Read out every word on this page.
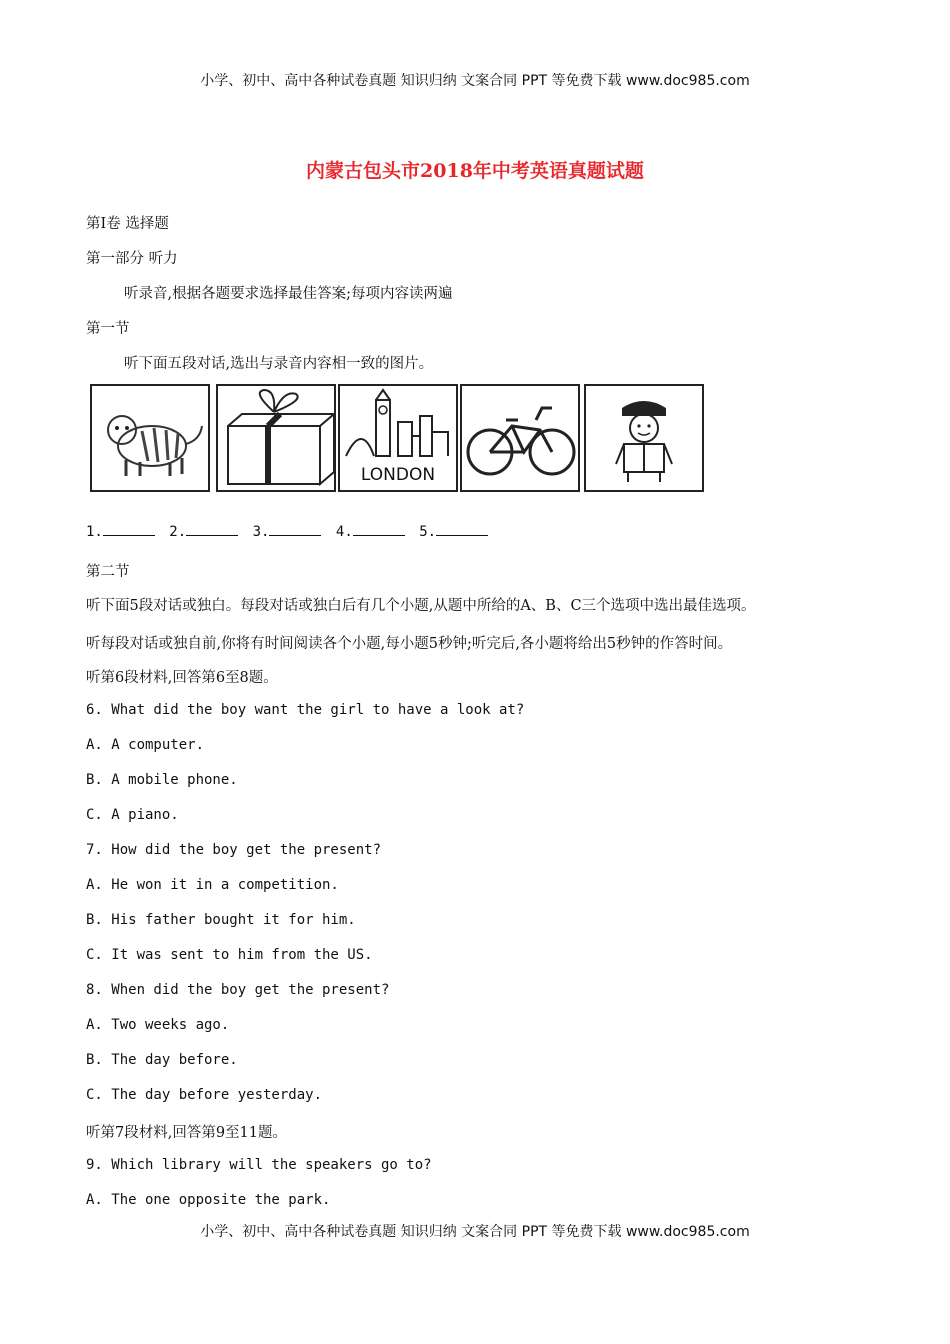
小学、初中、高中各种试卷真题 知识归纳 文案合同 PPT 等免费下载 www.doc985.com
内蒙古包头市2018年中考英语真题试题
第Ⅰ卷 选择题
第一部分 听力
听录音,根据各题要求选择最佳答案;每项内容读两遍
第一节
听下面五段对话,选出与录音内容相一致的图片。
LONDON
1.	2.	3.	4.	5.
第二节
听下面5段对话或独白。每段对话或独白后有几个小题,从题中所给的A、B、C三个选项中选出最佳选项。
听每段对话或独自前,你将有时间阅读各个小题,每小题5秒钟;听完后,各小题将给出5秒钟的作答时间。
听第6段材料,回答第6至8题。
6. What did the boy want the girl to have a look at?
A. A computer.
B. A mobile phone.
C. A piano.
7. How did the boy get the present?
A. He won it in a competition.
B. His father bought it for him.
C. It was sent to him from the US.
8. When did the boy get the present?
A. Two weeks ago.
B. The day before.
C. The day before yesterday.
听第7段材料,回答第9至11题。
9. Which library will the speakers go to?
A. The one opposite the park.
小学、初中、高中各种试卷真题 知识归纳 文案合同 PPT 等免费下载 www.doc985.com
